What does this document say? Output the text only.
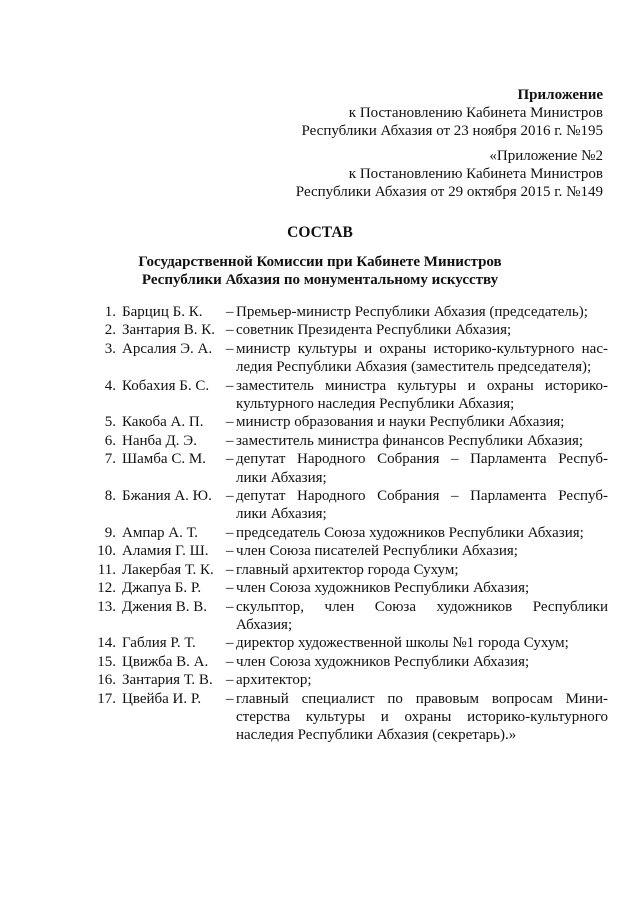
Приложение
к Постановлению Кабинета Министров
Республики Абхазия от 23 ноября 2016 г. №195
«Приложение №2
к Постановлению Кабинета Министров
Республики Абхазия от 29 октября 2015 г. №149
СОСТАВ
Государственной Комиссии при Кабинете Министров
Республики Абхазия по монументальному искусству
1. Барциц Б. К.	– Премьер-министр Республики Абхазия (председатель);
2. Зантария В. К. – советник Президента Республики Абхазия;
3. Арсалия Э. А. – министр культуры и охраны историко-культурного нас-
ледия Республики Абхазия (заместитель председателя);
4. Кобахия Б. С.	– заместитель министра культуры и охраны историко-
культурного наследия Республики Абхазия;
5. Какоба А. П.	– министр образования и науки Республики Абхазия;
6. Нанба Д. Э.	– заместитель министра финансов Республики Абхазия;
7. Шамба С. М.	– депутат Народного Собрания – Парламента Респуб-
лики Абхазия;
8. Бжания А. Ю. – депутат Народного Собрания – Парламента Респуб-
лики Абхазия;
9. Ампар А. Т.	– председатель Союза художников Республики Абхазия;
10. Аламия Г. Ш.	– член Союза писателей Республики Абхазия;
11. Лакербая Т. К. – главный архитектор города Сухум;
12. Джапуа Б. Р.	– член Союза художников Республики Абхазия;
13. Джения В. В.	– скульптор, член Союза художников Республики
Абхазия;
14. Габлия Р. Т.	– директор художественной школы №1 города Сухум;
15. Цвижба В. А.	– член Союза художников Республики Абхазия;
16. Зантария Т. В. – архитектор;
17. Цвейба И. Р.	– главный специалист по правовым вопросам Мини-
стерства культуры и охраны историко-культурного
наследия Республики Абхазия (секретарь).»
